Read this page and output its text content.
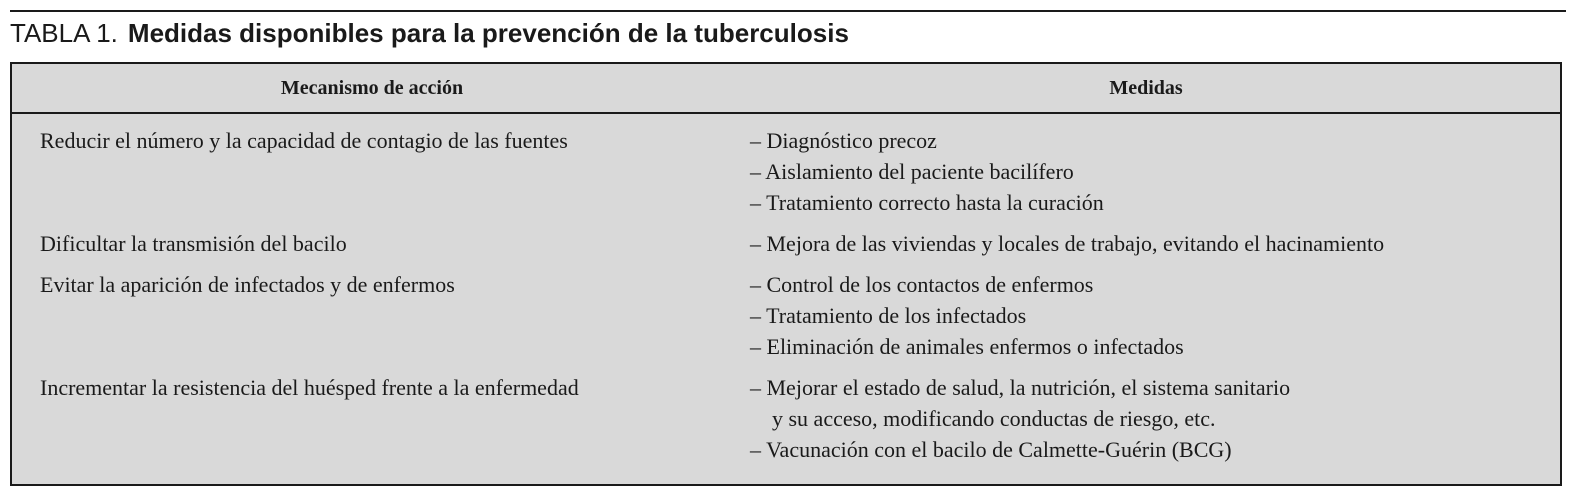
TABLA 1. Medidas disponibles para la prevención de la tuberculosis
Mecanismo de acción	Medidas
Reducir el número y la capacidad de contagio de las fuentes	– Diagnóstico precoz
– Aislamiento del paciente bacilífero
– Tratamiento correcto hasta la curación
Dificultar la transmisión del bacilo	– Mejora de las viviendas y locales de trabajo, evitando el hacinamiento
Evitar la aparición de infectados y de enfermos	– Control de los contactos de enfermos
– Tratamiento de los infectados
– Eliminación de animales enfermos o infectados
Incrementar la resistencia del huésped frente a la enfermedad	– Mejorar el estado de salud, la nutrición, el sistema sanitario
y su acceso, modificando conductas de riesgo, etc.
– Vacunación con el bacilo de Calmette-Guérin (BCG)
